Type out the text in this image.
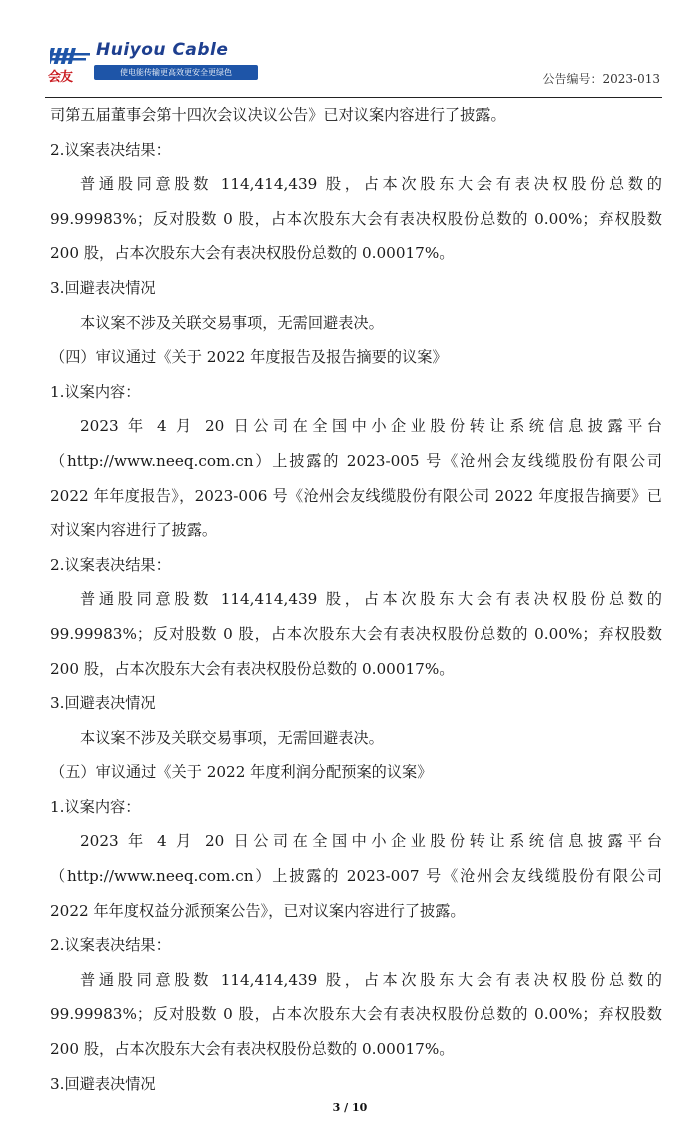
会友
Huiyou Cable
使电能传输更高效更安全更绿色	公告编号：2023-013

司第五届董事会第十四次会议决议公告》已对议案内容进行了披露。

2.议案表决结果：

普通股同意股数 114,414,439 股，占本次股东大会有表决权股份总数的 99.99983%；反对股数 0 股，占本次股东大会有表决权股份总数的 0.00%；弃权股数 200 股，占本次股东大会有表决权股份总数的 0.00017%。

3.回避表决情况

本议案不涉及关联交易事项，无需回避表决。

（四）审议通过《关于 2022 年度报告及报告摘要的议案》

1.议案内容：

2023 年 4 月 20 日公司在全国中小企业股份转让系统信息披露平台（http://www.neeq.com.cn）上披露的 2023-005 号《沧州会友线缆股份有限公司 2022 年年度报告》，2023-006 号《沧州会友线缆股份有限公司 2022 年度报告摘要》已对议案内容进行了披露。

2.议案表决结果：

普通股同意股数 114,414,439 股，占本次股东大会有表决权股份总数的 99.99983%；反对股数 0 股，占本次股东大会有表决权股份总数的 0.00%；弃权股数 200 股，占本次股东大会有表决权股份总数的 0.00017%。

3.回避表决情况

本议案不涉及关联交易事项，无需回避表决。

（五）审议通过《关于 2022 年度利润分配预案的议案》

1.议案内容：

2023 年 4 月 20 日公司在全国中小企业股份转让系统信息披露平台（http://www.neeq.com.cn）上披露的 2023-007 号《沧州会友线缆股份有限公司 2022 年年度权益分派预案公告》，已对议案内容进行了披露。

2.议案表决结果：

普通股同意股数 114,414,439 股，占本次股东大会有表决权股份总数的 99.99983%；反对股数 0 股，占本次股东大会有表决权股份总数的 0.00%；弃权股数 200 股，占本次股东大会有表决权股份总数的 0.00017%。

3.回避表决情况

3 / 10
